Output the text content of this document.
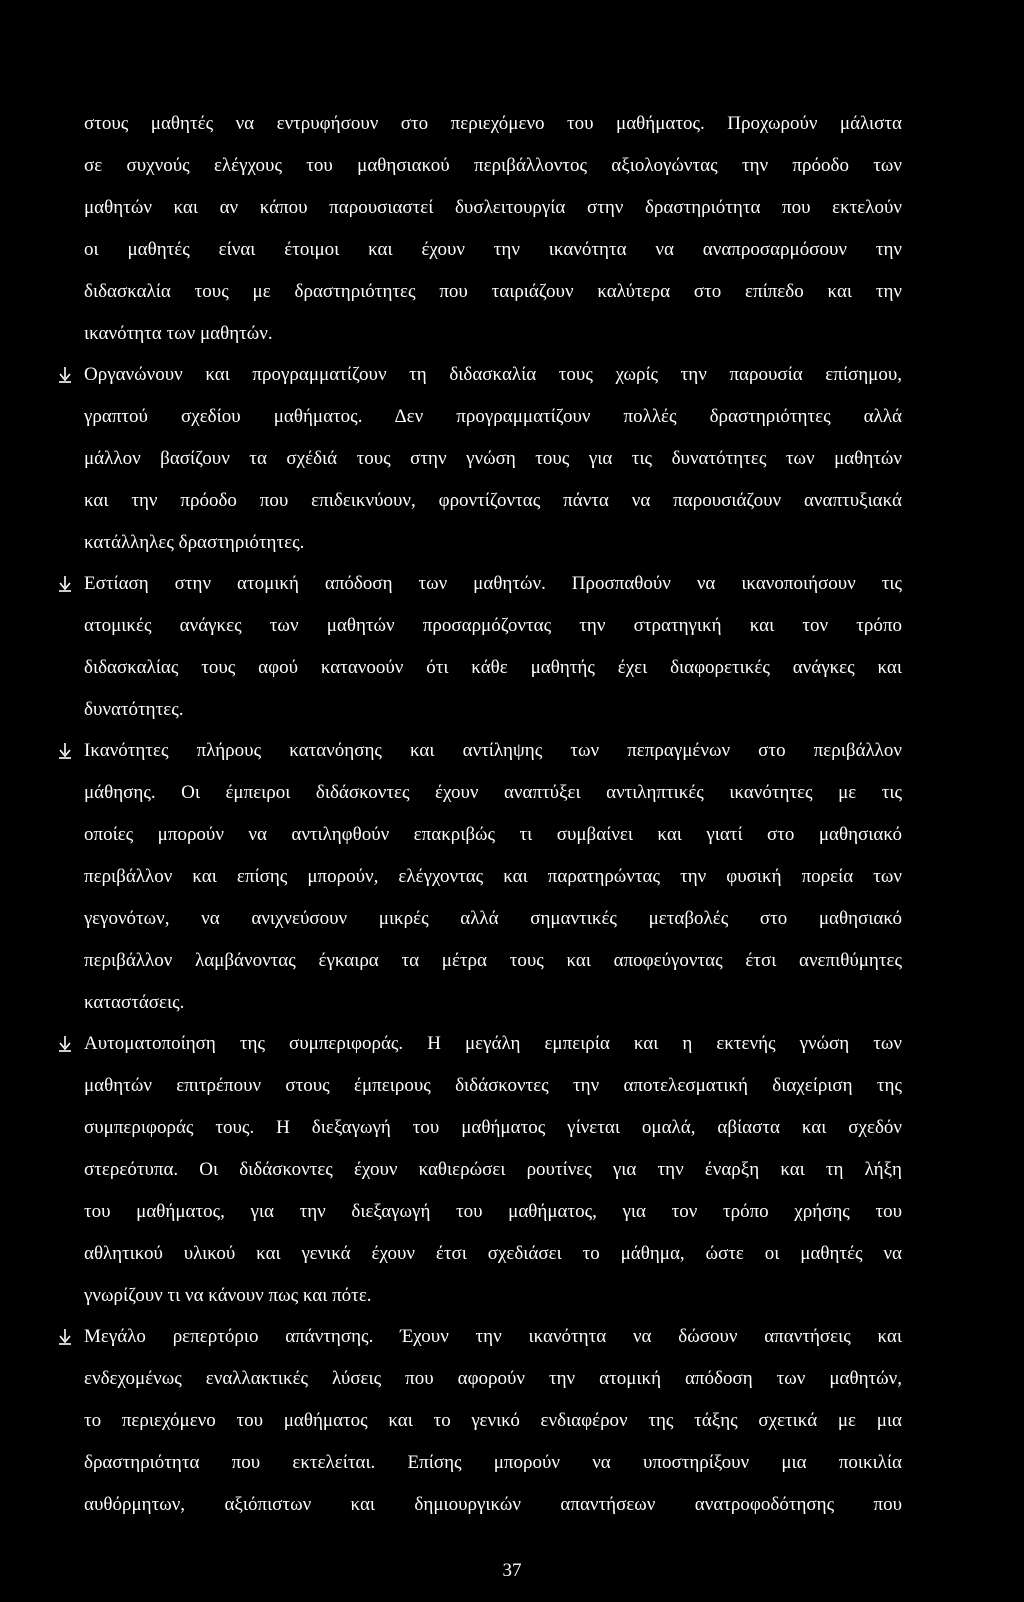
στους μαθητές να εντρυφήσουν στο περιεχόμενο του μαθήματος. Προχωρούν μάλιστα
σε συχνούς ελέγχους του μαθησιακού περιβάλλοντος αξιολογώντας την πρόοδο των
μαθητών και αν κάπου παρουσιαστεί δυσλειτουργία στην δραστηριότητα που εκτελούν
οι μαθητές είναι έτοιμοι και έχουν την ικανότητα να αναπροσαρμόσουν την
διδασκαλία τους με δραστηριότητες που ταιριάζουν καλύτερα στο επίπεδο και την
ικανότητα των μαθητών.
Οργανώνουν και προγραμματίζουν τη διδασκαλία τους χωρίς την παρουσία επίσημου,
γραπτού σχεδίου μαθήματος. Δεν προγραμματίζουν πολλές δραστηριότητες αλλά
μάλλον βασίζουν τα σχέδιά τους στην γνώση τους για τις δυνατότητες των μαθητών
και την πρόοδο που επιδεικνύουν, φροντίζοντας πάντα να παρουσιάζουν αναπτυξιακά
κατάλληλες δραστηριότητες.
Εστίαση στην ατομική απόδοση των μαθητών. Προσπαθούν να ικανοποιήσουν τις
ατομικές ανάγκες των μαθητών προσαρμόζοντας την στρατηγική και τον τρόπο
διδασκαλίας τους αφού κατανοούν ότι κάθε μαθητής έχει διαφορετικές ανάγκες και
δυνατότητες.
Ικανότητες πλήρους κατανόησης και αντίληψης των πεπραγμένων στο περιβάλλον
μάθησης. Οι έμπειροι διδάσκοντες έχουν αναπτύξει αντιληπτικές ικανότητες με τις
οποίες μπορούν να αντιληφθούν επακριβώς τι συμβαίνει και γιατί στο μαθησιακό
περιβάλλον και επίσης μπορούν, ελέγχοντας και παρατηρώντας την φυσική πορεία των
γεγονότων, να ανιχνεύσουν μικρές αλλά σημαντικές μεταβολές στο μαθησιακό
περιβάλλον λαμβάνοντας έγκαιρα τα μέτρα τους και αποφεύγοντας έτσι ανεπιθύμητες
καταστάσεις.
Αυτοματοποίηση της συμπεριφοράς. Η μεγάλη εμπειρία και η εκτενής γνώση των
μαθητών επιτρέπουν στους έμπειρους διδάσκοντες την αποτελεσματική διαχείριση της
συμπεριφοράς τους. Η διεξαγωγή του μαθήματος γίνεται ομαλά, αβίαστα και σχεδόν
στερεότυπα. Οι διδάσκοντες έχουν καθιερώσει ρουτίνες για την έναρξη και τη λήξη
του μαθήματος, για την διεξαγωγή του μαθήματος, για τον τρόπο χρήσης του
αθλητικού υλικού και γενικά έχουν έτσι σχεδιάσει το μάθημα, ώστε οι μαθητές να
γνωρίζουν τι να κάνουν πως και πότε.
Μεγάλο ρεπερτόριο απάντησης. Έχουν την ικανότητα να δώσουν απαντήσεις και
ενδεχομένως εναλλακτικές λύσεις που αφορούν την ατομική απόδοση των μαθητών,
το περιεχόμενο του μαθήματος και το γενικό ενδιαφέρον της τάξης σχετικά με μια
δραστηριότητα που εκτελείται. Επίσης μπορούν να υποστηρίξουν μια ποικιλία
αυθόρμητων, αξιόπιστων και δημιουργικών απαντήσεων ανατροφοδότησης που
37
